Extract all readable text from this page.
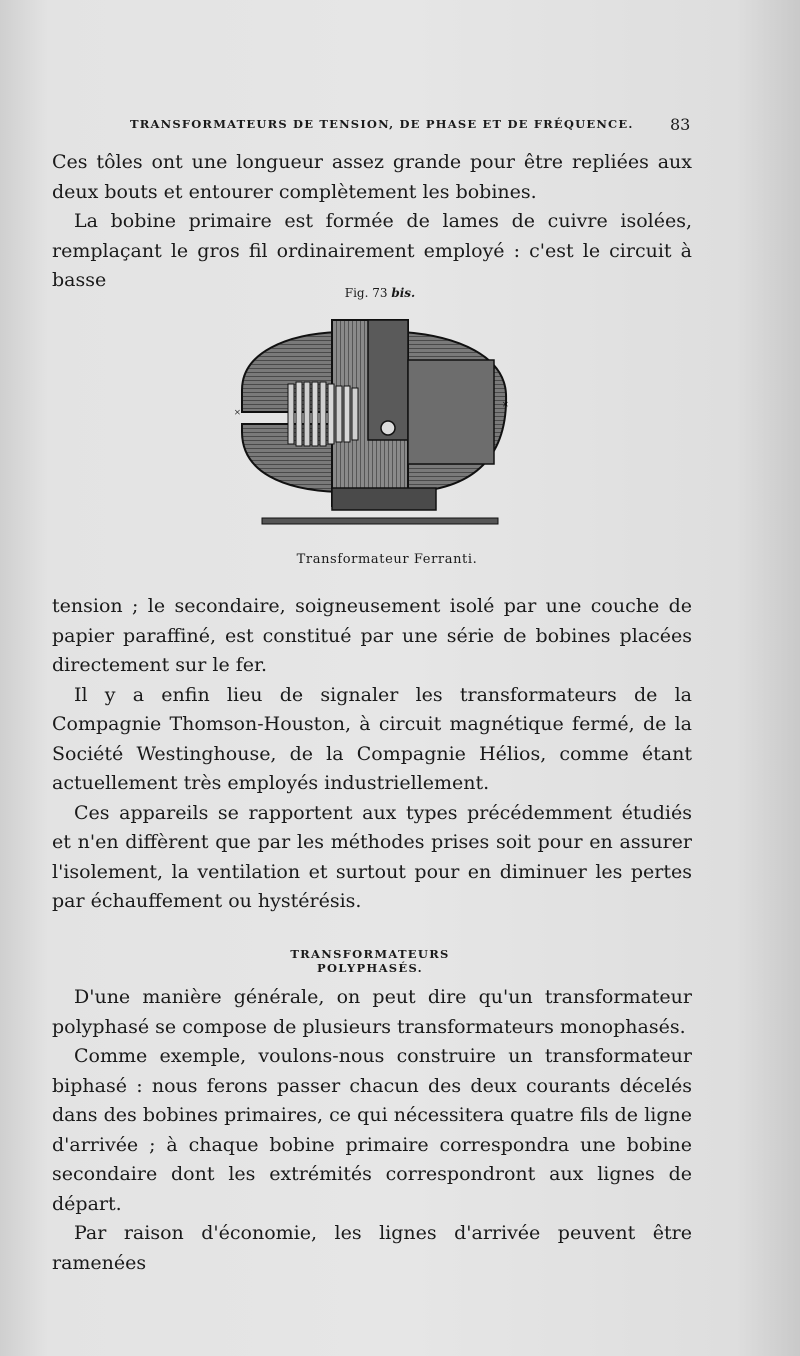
TRANSFORMATEURS DE TENSION, DE PHASE ET DE FRÉQUENCE.	83

Ces tôles ont une longueur assez grande pour être repliées aux deux bouts et entourer complètement les bobines.

La bobine primaire est formée de lames de cuivre isolées, remplaçant le gros fil ordinairement employé : c'est le circuit à basse

Fig. 73 bis.
×
×
Transformateur Ferranti.

tension ; le secondaire, soigneusement isolé par une couche de papier paraffiné, est constitué par une série de bobines placées directement sur le fer.

Il y a enfin lieu de signaler les transformateurs de la Compagnie Thomson-Houston, à circuit magnétique fermé, de la Société Westinghouse, de la Compagnie Hélios, comme étant actuellement très employés industriellement.

Ces appareils se rapportent aux types précédemment étudiés et n'en diffèrent que par les méthodes prises soit pour en assurer l'isolement, la ventilation et surtout pour en diminuer les pertes par échauffement ou hystérésis.

TRANSFORMATEURS POLYPHASÉS.

D'une manière générale, on peut dire qu'un transformateur polyphasé se compose de plusieurs transformateurs monophasés.

Comme exemple, voulons-nous construire un transformateur biphasé : nous ferons passer chacun des deux courants décelés dans des bobines primaires, ce qui nécessitera quatre fils de ligne d'arrivée ; à chaque bobine primaire correspondra une bobine secondaire dont les extrémités correspondront aux lignes de départ.

Par raison d'économie, les lignes d'arrivée peuvent être ramenées
